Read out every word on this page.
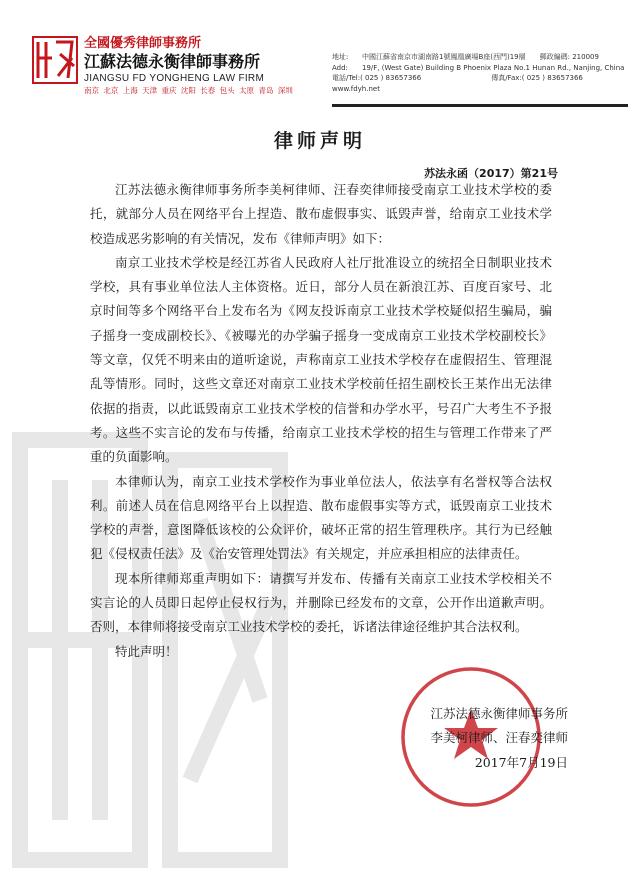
全國優秀律師事務所
江蘇法德永衡律師事務所
JIANGSU FD YONGHENG LAW FIRM
南京 北京 上海 天津 重庆 沈阳 长春 包头 太原 青岛 深圳
地址: 中國江蘇省南京市湖南路1號鳳凰廣場B座(西門)19層 郵政編碼: 210009
Add: 19/F, (West Gate) Building B Phoenix Plaza No.1 Hunan Rd., Nanjing, China
電話/Tel:( 025 ) 83657366	傳真/Fax:( 025 ) 83657366
www.fdyh.net
律师声明
苏法永函（2017）第21号

江苏法德永衡律师事务所李美柯律师、汪春奕律师接受南京工业技术学校的委托，就部分人员在网络平台上捏造、散布虚假事实、诋毁声誉，给南京工业技术学校造成恶劣影响的有关情况，发布《律师声明》如下：

南京工业技术学校是经江苏省人民政府人社厅批准设立的统招全日制职业技术学校，具有事业单位法人主体资格。近日，部分人员在新浪江苏、百度百家号、北京时间等多个网络平台上发布名为《网友投诉南京工业技术学校疑似招生骗局，骗子摇身一变成副校长》、《被曝光的办学骗子摇身一变成南京工业技术学校副校长》等文章，仅凭不明来由的道听途说，声称南京工业技术学校存在虚假招生、管理混乱等情形。同时，这些文章还对南京工业技术学校前任招生副校长王某作出无法律依据的指责，以此诋毁南京工业技术学校的信誉和办学水平，号召广大考生不予报考。这些不实言论的发布与传播，给南京工业技术学校的招生与管理工作带来了严重的负面影响。

本律师认为，南京工业技术学校作为事业单位法人，依法享有名誉权等合法权利。前述人员在信息网络平台上以捏造、散布虚假事实等方式，诋毁南京工业技术学校的声誉，意图降低该校的公众评价，破坏正常的招生管理秩序。其行为已经触犯《侵权责任法》及《治安管理处罚法》有关规定，并应承担相应的法律责任。

现本所律师郑重声明如下：请撰写并发布、传播有关南京工业技术学校相关不实言论的人员即日起停止侵权行为，并删除已经发布的文章，公开作出道歉声明。否则，本律师将接受南京工业技术学校的委托，诉诸法律途径维护其合法权利。

特此声明！

江苏法德永衡律师事务所
李美柯律师、汪春奕律师
2017年7月19日
